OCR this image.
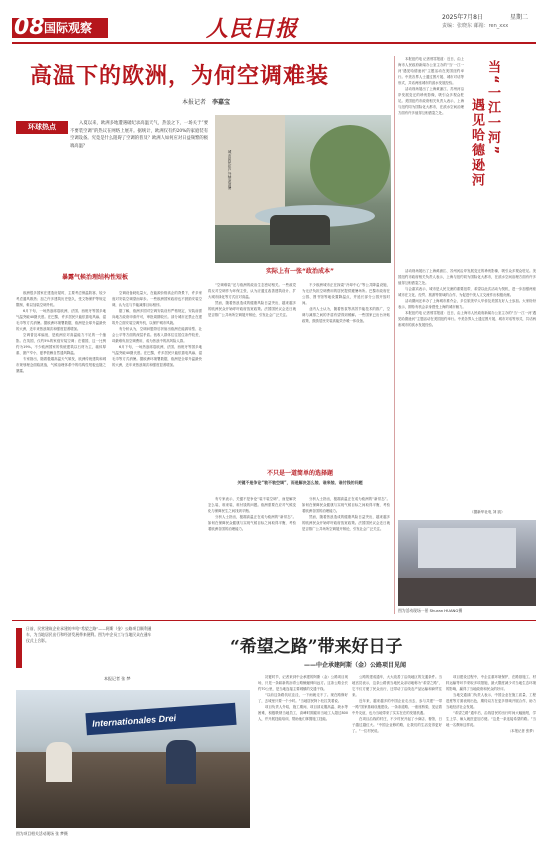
08 国际观察	人民日报	2025年7月8日	星期二
责编：张晓东 邮箱：ren_xxx
高温下的欧洲，为何空调难装
本报记者 李嘉宝
环球热点	入夏以来，欧洲多地遭遇破纪录高温天气，热浪之下，一场关于“要不要装空调”的热议在网络上展开。据统计，欧洲仅有约20%的家庭装有空调设备。究竟是什么阻碍了空调的普及？欧洲人如何应对日益频繁的极端高温？

城市居民在户外纳凉消暑
当“一江一河”
遇见哈德逊河

本报纽约电 记者邢雪报道：近日，由上海市人民政府新闻办公室主办的“当‘一江一河’遇见哈德逊河”主题活动在美国纽约举行。中美各界人士通过图片展、城市对话等形式，共话两座城市的滨水发展经验。

活动现场展出了上海黄浦江、苏州河沿岸发展变迁的珍贵影像，吸引众多观众驻足。美国纽约市政府相关负责人表示，上海与纽约同为国际化大都市，在滨水空间治理方面有许多值得互相借鉴之处。

活动现场展出了上海黄浦江、苏州河沿岸发展变迁的珍贵影像，吸引众多观众驻足。美国纽约市政府相关负责人表示，上海与纽约同为国际化大都市，在滨水空间治理方面有许多值得互相借鉴之处。

与会嘉宾表示，城市是人民交流的重要纽带，希望以此次活动为契机，进一步加强两座城市在文化、经贸、旅游等领域的合作，为促进中美人文交流作出积极贡献。

活动期间还举办了上海城市推介会，多位旅美华人华侨及美国友好人士参加。大家纷纷表示，期待有机会亲身感受上海的城市魅力。

本报纽约电 记者邢雪报道：近日，由上海市人民政府新闻办公室主办的“当‘一江一河’遇见哈德逊河”主题活动在美国纽约举行。中美各界人士通过图片展、城市对话等形式，共话两座城市的滨水发展经验。

（据新华社电 刘 凯）
图为活动现场一景 Shuran HUANG摄
暴露气候治理结构性短板
实际上有一张“政治成本”

欧洲很多国家在建造房屋时，主要考虑保温防寒，较少考虑通风散热；加之许多建筑历史悠久，受文物保护等规定限制，难以加装空调外机。

6月下旬，一场热浪席卷欧洲，法国、西班牙等国多地气温突破40摄氏度。在巴黎，许多居民只能依靠电风扇、湿毛巾等方式消暑。据欧洲环境署数据，欧洲是全球升温最快的大洲，近年来热浪频次和强度显著增加。

空调普及率偏低，是欧洲应对高温能力不足的一个缩影。在英国，仅约5%的家庭安装空调；在德国，这一比例约为19%。不少欧洲国家的传统建筑以石材为主，墙体厚重、窗户窄小，夏季依赖自然通风降温。

专家指出，随着极端高温天气频发，欧洲传统建筑和城市规划理念面临挑战，气候治理体系中的结构性短板也随之暴露。

空调设备耗电量大，在能源价格高企的背景下，许多家庭对安装空调望而却步。一些欧洲国家政府也不鼓励安装空调，认为这与节能减排目标相悖。

据了解，欧洲多国对空调安装设有严格规定，安装前需向地方政府申请许可，审批周期较长。部分城市还禁止在建筑外立面安装空调外机，以保护城市风貌。

有分析认为，空调问题背后折射出欧洲在能源转型、社会公平等方面的深层矛盾。低收入群体往往居住条件较差，却最难负担空调费用，成为热浪中的高风险人群。

6月下旬，一场热浪席卷欧洲，法国、西班牙等国多地气温突破40摄氏度。在巴黎，许多居民只能依靠电风扇、湿毛巾等方式消暑。据欧洲环境署数据，欧洲是全球升温最快的大洲，近年来热浪频次和强度显著增加。

“空调难装”还与欧洲的政治生态密切相关。一些政党将反对空调作为环保主张，认为应通过改善建筑设计、扩大城市绿化等方式应对高温。

然而，随着热浪造成的健康风险日益突出，越来越多的欧洲民众开始呼吁政府放宽政策。法国国民议会近日就是否推广公共场所空调展开辩论，引发社会广泛关注。

不少欧洲城市正在探索“冷却中心”等公共降温设施，为无法负担空调费用的居民提供避暑场所。巴黎市政府在公园、图书馆等地设置降温点，并延长部分公园开放时间。

业内人士认为，随着热泵等高效节能技术的推广，空调与减排之间的矛盾有望得到缓解。一些国家已出台补贴政策，鼓励居民安装高能效冷暖一体设备。

不只是一道简单的选择题
关键不是争论“装不装空调”，而是解决怎么装、谁来装、谁付钱的问题

有专家表示，关键不是争论“装不装空调”，而是解决怎么装、谁来装、谁付钱的问题。欧洲需要在应对气候变化与保障民生之间找到平衡。

分析人士指出，极端高温正在成为欧洲的“新常态”。如何在保障民众健康与实现气候目标之间取得平衡，考验着欧洲各国的治理能力。

分析人士指出，极端高温正在成为欧洲的“新常态”。如何在保障民众健康与实现气候目标之间取得平衡，考验着欧洲各国的治理能力。

然而，随着热浪造成的健康风险日益突出，越来越多的欧洲民众开始呼吁政府放宽政策。法国国民议会近日就是否推广公共场所空调展开辩论，引发社会广泛关注。

日前，民营建筑企业承建的多哈“希望之路”——阿斯（金）公路项目顺利通车，为当地居民出行和经济发展带来便利。图为中企员工与当地民众在通车仪式上合影。
本报记者 张 梦
“希望之路”带来好日子
——中企承建阿斯（金）公路项目见闻
Internationales Drei
图为项目相关活动现场 张 梦摄

初夏时节，记者来到中企承建的阿斯（金）公路项目现场，只见一条崭新的沥青公路蜿蜒伸向远方。这条公路全长约70公里，是当地连接主要城镇的交通干线。

“以前这条路坑坑洼洼，一下雨就走不了。现在路修好了，去城里只要一个小时。”当地居民阿卜杜拉笑着说。

项目负责人介绍，施工期间，项目部克服高温、缺水等困难，积极吸纳当地员工，高峰时期雇用当地工人超过800人，并开展技能培训，帮助他们掌握施工技能。

公路的建成通车，大大改善了沿线地区的交通条件。当地官员表示，这条公路被当地民众亲切地称为“希望之路”，它不仅方便了民众出行，还带动了沿线农产品运输和商贸往来。

近年来，越来越多的中国企业走出去，参与共建“一带一路”国家基础设施建设。一条条道路、一座座桥梁，见证着中外友谊，也为当地带来了实实在在的发展机遇。

在项目沿线的村庄，不少村民开起了小商店、餐馆，日子越过越红火。“中国企业修的路，让我们的生活变得更好了。”一位村民说。

项目建设过程中，中企注重环境保护，在路基施工、材料运输等环节采取多项措施，最大限度减少对当地生态环境的影响，赢得了当地政府和民众的好评。

当地交通部门负责人表示，中国企业在施工质量、工程进度等方面表现出色，期待双方在更多领域开展合作，助力当地经济社会发展。

“希望之路”通车后，沿线居民的出行时间大幅缩短，学生上学、病人就医更加方便。“这是一条连接希望的路。”当地一名教师这样说。

（本报记者 张梦）
